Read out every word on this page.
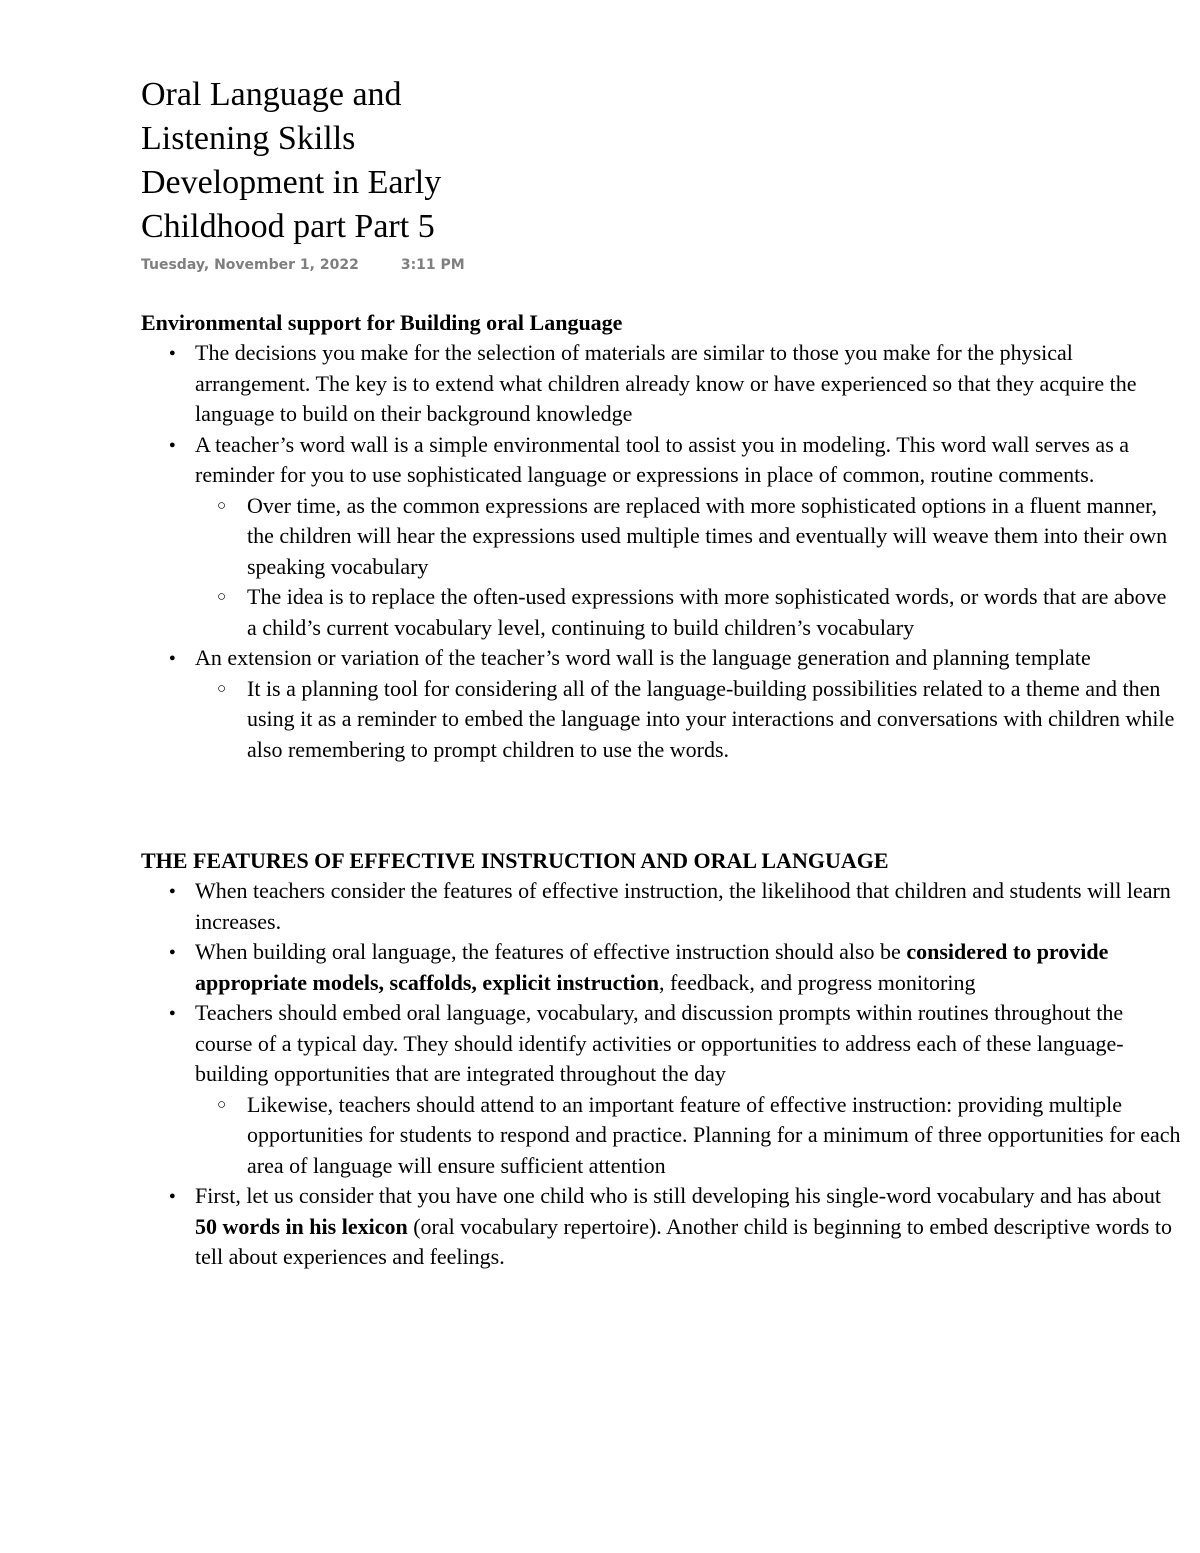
Oral Language and Listening Skills Development in Early Childhood part Part 5
Tuesday, November 1, 2022	3:11 PM

Environmental support for Building oral Language

● The decisions you make for the selection of materials are similar to those you make for the physical arrangement. The key is to extend what children already know or have experienced so that they acquire the language to build on their background knowledge
● A teacher’s word wall is a simple environmental tool to assist you in modeling. This word wall serves as a reminder for you to use sophisticated language or expressions in place of common, routine comments.
○ Over time, as the common expressions are replaced with more sophisticated options in a fluent manner, the children will hear the expressions used multiple times and eventually will weave them into their own speaking vocabulary
○ The idea is to replace the often-used expressions with more sophisticated words, or words that are above a child’s current vocabulary level, continuing to build children’s vocabulary
● An extension or variation of the teacher’s word wall is the language generation and planning template
○ It is a planning tool for considering all of the language-building possibilities related to a theme and then using it as a reminder to embed the language into your interactions and conversations with children while also remembering to prompt children to use the words.

THE FEATURES OF EFFECTIVE INSTRUCTION AND ORAL LANGUAGE

● When teachers consider the features of effective instruction, the likelihood that children and students will learn increases.
● When building oral language, the features of effective instruction should also be considered to provide appropriate models, scaffolds, explicit instruction, feedback, and progress monitoring
● Teachers should embed oral language, vocabulary, and discussion prompts within routines throughout the course of a typical day. They should identify activities or opportunities to address each of these language-building opportunities that are integrated throughout the day
○ Likewise, teachers should attend to an important feature of effective instruction: providing multiple opportunities for students to respond and practice. Planning for a minimum of three opportunities for each area of language will ensure sufficient attention
● First, let us consider that you have one child who is still developing his single-word vocabulary and has about 50 words in his lexicon (oral vocabulary repertoire). Another child is beginning to embed descriptive words to tell about experiences and feelings.
